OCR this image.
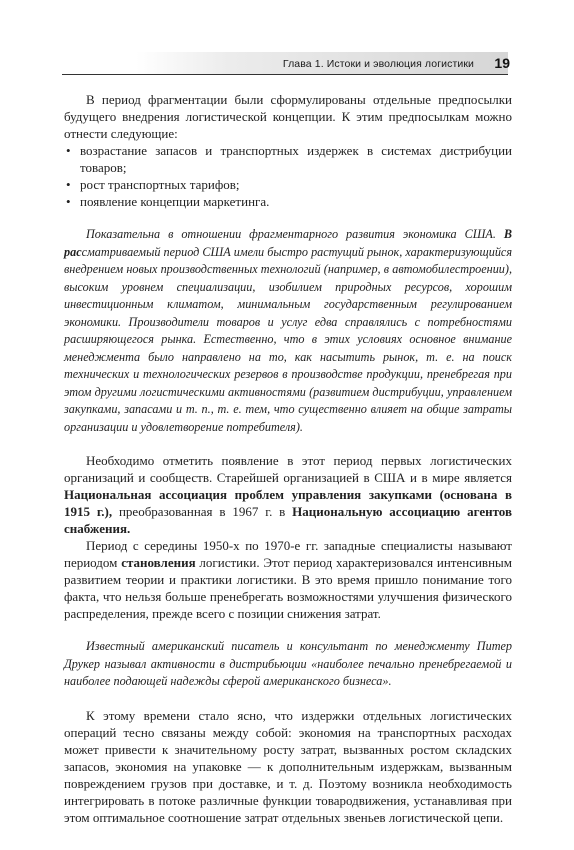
Глава 1. Истоки и эволюция логистики 19

В период фрагментации были сформулированы отдельные предпосылки будущего внедрения логистической концепции. К этим предпосылкам можно отнести следующие:

• возрастание запасов и транспортных издержек в системах дистрибуции товаров;
• рост транспортных тарифов;
• появление концепции маркетинга.

Показательна в отношении фрагментарного развития экономика США. В рассматриваемый период США имели быстро растущий рынок, характеризующийся внедрением новых производственных технологий (например, в автомобилестроении), высоким уровнем специализации, изобилием природных ресурсов, хорошим инвестиционным климатом, минимальным государственным регулированием экономики. Производители товаров и услуг едва справлялись с потребностями расширяющегося рынка. Естественно, что в этих условиях основное внимание менеджмента было направлено на то, как насытить рынок, т. е. на поиск технических и технологических резервов в производстве продукции, пренебрегая при этом другими логистическими активностями (развитием дистрибуции, управлением закупками, запасами и т. п., т. е. тем, что существенно влияет на общие затраты организации и удовлетворение потребителя).

Необходимо отметить появление в этот период первых логистических организаций и сообществ. Старейшей организацией в США и в мире является Национальная ассоциация проблем управления закупками (основана в 1915 г.), преобразованная в 1967 г. в Национальную ассоциацию агентов снабжения.

Период с середины 1950-х по 1970-е гг. западные специалисты называют периодом становления логистики. Этот период характеризовался интенсивным развитием теории и практики логистики. В это время пришло понимание того факта, что нельзя больше пренебрегать возможностями улучшения физического распределения, прежде всего с позиции снижения затрат.

Известный американский писатель и консультант по менеджменту Питер Друкер называл активности в дистрибьюции «наиболее печально пренебрегаемой и наиболее подающей надежды сферой американского бизнеса».

К этому времени стало ясно, что издержки отдельных логистических операций тесно связаны между собой: экономия на транспортных расходах может привести к значительному росту затрат, вызванных ростом складских запасов, экономия на упаковке — к дополнительным издержкам, вызванным повреждением грузов при доставке, и т. д. Поэтому возникла необходимость интегрировать в потоке различные функции товародвижения, устанавливая при этом оптимальное соотношение затрат отдельных звеньев логистической цепи.
